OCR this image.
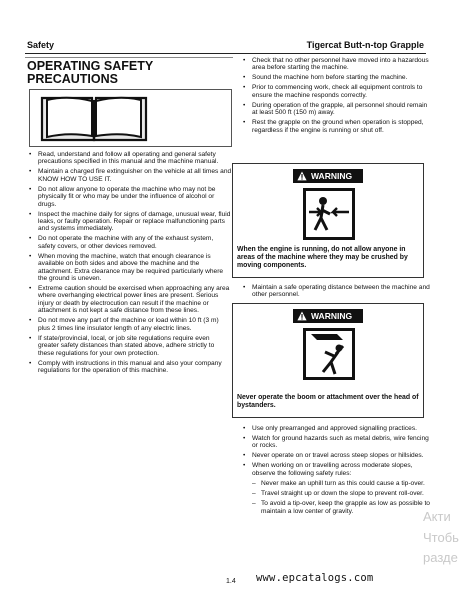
Safety	Tigercat Butt-n-top Grapple
OPERATING SAFETY PRECAUTIONS
• Read, understand and follow all operating and general safety precautions specified in this manual and the machine manual.
• Maintain a charged fire extinguisher on the vehicle at all times and KNOW HOW TO USE IT.
• Do not allow anyone to operate the machine who may not be physically fit or who may be under the influence of alcohol or drugs.
• Inspect the machine daily for signs of damage, unusual wear, fluid leaks, or faulty operation. Repair or replace malfunctioning parts and systems immediately.
• Do not operate the machine with any of the exhaust system, safety covers, or other devices removed.
• When moving the machine, watch that enough clearance is available on both sides and above the machine and the attachment. Extra clearance may be required particularly where the ground is uneven.
• Extreme caution should be exercised when approaching any area where overhanging electrical power lines are present. Serious injury or death by electrocution can result if the machine or attachment is not kept a safe distance from these lines.
• Do not move any part of the machine or load within 10 ft (3 m) plus 2 times line insulator length of any electric lines.
• If state/provincial, local, or job site regulations require even greater safety distances than stated above, adhere strictly to these regulations for your own protection.
• Comply with instructions in this manual and also your company regulations for the operation of this machine.
• Check that no other personnel have moved into a hazardous area before starting the machine.
• Sound the machine horn before starting the machine.
• Prior to commencing work, check all equipment controls to ensure the machine responds correctly.
• During operation of the grapple, all personnel should remain at least 500 ft (150 m) away.
• Rest the grapple on the ground when operation is stopped, regardless if the engine is running or shut off.
WARNING
When the engine is running, do not allow anyone in areas of the machine where they may be crushed by moving components.
• Maintain a safe operating distance between the machine and other personnel.
WARNING
Never operate the boom or attachment over the head of bystanders.
• Use only prearranged and approved signalling practices.
• Watch for ground hazards such as metal debris, wire fencing or rocks.
• Never operate on or travel across steep slopes or hillsides.
• When working on or travelling across moderate slopes, observe the following safety rules:
– Never make an uphill turn as this could cause a tip-over.
– Travel straight up or down the slope to prevent roll-over.
– To avoid a tip-over, keep the grapple as low as possible to maintain a low center of gravity.
1.4 www.epcatalogs.com
Акти
Чтобь
разде
